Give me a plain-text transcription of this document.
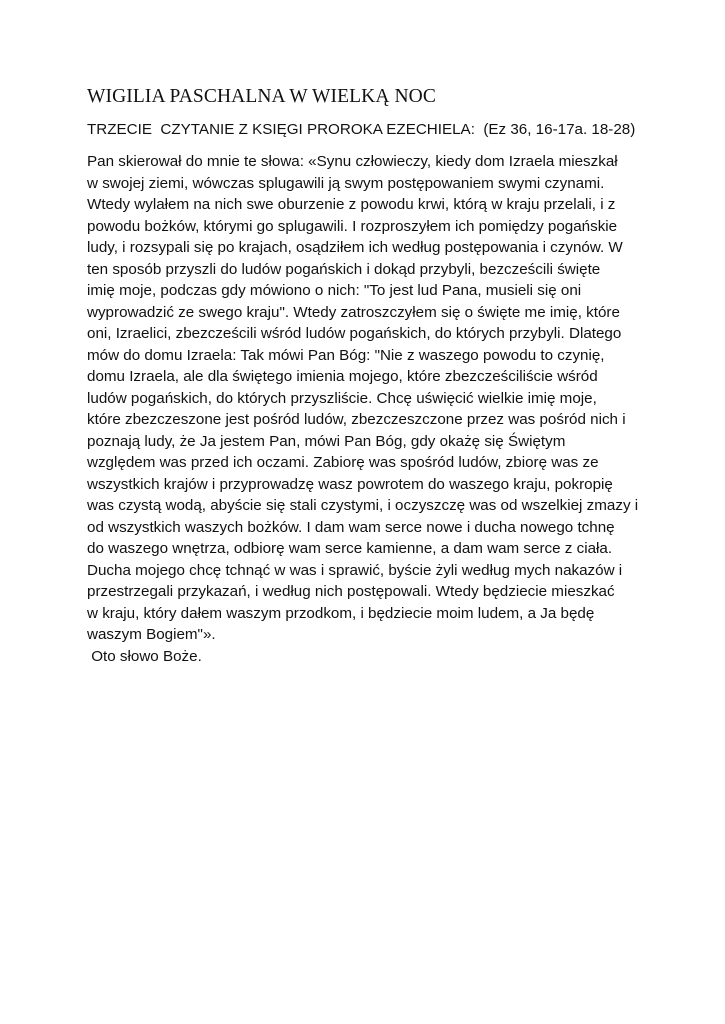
WIGILIA PASCHALNA W WIELKĄ NOC
TRZECIE  CZYTANIE Z KSIĘGI PROROKA EZECHIELA:  (Ez 36, 16-17a. 18-28)
Pan skierował do mnie te słowa: «Synu człowieczy, kiedy dom Izraela mieszkał
w swojej ziemi, wówczas splugawili ją swym postępowaniem swymi czynami.
Wtedy wylałem na nich swe oburzenie z powodu krwi, którą w kraju przelali, i z
powodu bożków, którymi go splugawili. I rozproszyłem ich pomiędzy pogańskie
ludy, i rozsypali się po krajach, osądziłem ich według postępowania i czynów. W
ten sposób przyszli do ludów pogańskich i dokąd przybyli, bezcześcili święte
imię moje, podczas gdy mówiono o nich: "To jest lud Pana, musieli się oni
wyprowadzić ze swego kraju". Wtedy zatroszczyłem się o święte me imię, które
oni, Izraelici, zbezcześcili wśród ludów pogańskich, do których przybyli. Dlatego
mów do domu Izraela: Tak mówi Pan Bóg: "Nie z waszego powodu to czynię,
domu Izraela, ale dla świętego imienia mojego, które zbezcześciliście wśród
ludów pogańskich, do których przyszliście. Chcę uświęcić wielkie imię moje,
które zbezczeszone jest pośród ludów, zbezczeszczone przez was pośród nich i
poznają ludy, że Ja jestem Pan, mówi Pan Bóg, gdy okażę się Świętym
względem was przed ich oczami. Zabiorę was spośród ludów, zbiorę was ze
wszystkich krajów i przyprowadzę wasz powrotem do waszego kraju, pokropię
was czystą wodą, abyście się stali czystymi, i oczyszczę was od wszelkiej zmazy i
od wszystkich waszych bożków. I dam wam serce nowe i ducha nowego tchnę
do waszego wnętrza, odbiorę wam serce kamienne, a dam wam serce z ciała.
Ducha mojego chcę tchnąć w was i sprawić, byście żyli według mych nakazów i
przestrzegali przykazań, i według nich postępowali. Wtedy będziecie mieszkać
w kraju, który dałem waszym przodkom, i będziecie moim ludem, a Ja będę
waszym Bogiem"».
Oto słowo Boże.
